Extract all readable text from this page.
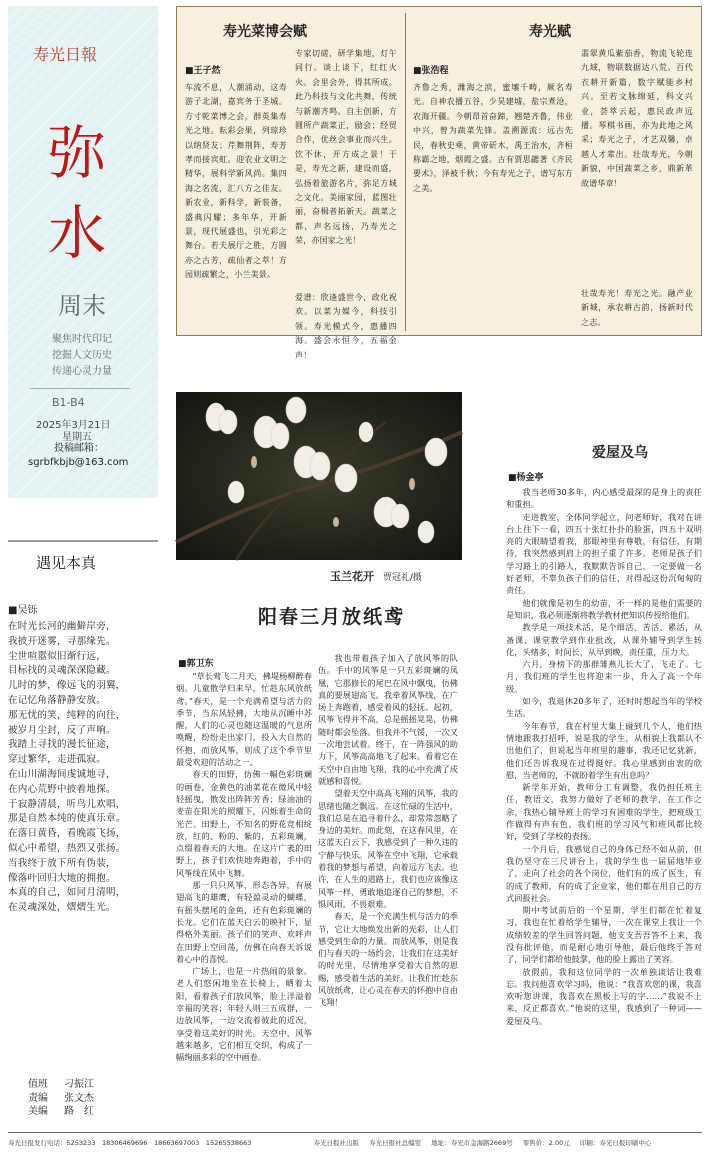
寿光日報
弥
水
周末
聚焦时代印记
挖掘人文历史
传递心灵力量
B1-B4
2025年3月21日
星期五
投稿邮箱：
sgrbfkbjb@163.com
遇见本真
■吴铄
在时光长河的幽僻岸旁，
我披开迷雾，寻那缘先。
尘世喧嚣似旧渐行远，
目标找的灵魂深深隐藏。
儿时的梦，像远飞的羽翼，
在记忆角落静静安放。
那无忧的笑，纯粹的向往，
被岁月尘封，反了声响。
我踏上寻找的漫长征途，
穿过繁华，走进孤寂。
在山川湖海间虔诚地寻，
在内心荒野中披着地探。
于寂静清晨，听鸟儿欢唱，
那是自然本纯的使真乐章。
在落日黄昏，看晚霞飞扬，
似心中希望，热烈又张扬。
当我终于放下所有伪装，
像落叶回归大地的拥抱。
本真的自己，如同月清明，
在灵魂深处，熠熠生光。
值班 刁振江
责编 张文杰
美编 路　红
寿光菜博会赋
■王子然
车流不息，人潮涌动，这寿游子北湖，嘉宾务于圣城。方寸乾菜博之会，群英集寿光之地。耘彩会果，列琼珍以纳贤友；芹舞荆阵，寿芳孝而接宾虹。迎农业文明之精华，展科学新风尚。集四海之名流，汇八方之佳友。新农业，新科学，新装备，盛典闪耀；多年华，开新景，现代展盛也，引光彩之舞台。若夫展厅之胜，方圆亦之古芳，疏仙者之萃！方园则疏繁之，小兰美景。
专家切磋，研学集地，灯午同行。谈上谈下，红红火火。会里会外，得其所成。此乃科技与文化共舞，传统与新潮齐鸣。自主创新，方圆所产蔬菜正，励会；经贸合作，优丝会事业而兴生。饮不休，开方成之景！于是，寿光之新，建设而盛，弘扬着旅游名片，弥足方城之文化。美丽家园，蓝图壮丽，奋楫者拓新天。蔬菜之都，声名远扬，乃寿光之荣，亦国家之光！
爱谱：欣逢盛世今，政化祝欢。以菜为媒今，科技引领。寿光模式今，惠播四海。盛会永恒今，五福金声！
寿光赋
■张浩程
齐鲁之秀，潍海之滨，蜜壤千畴，厥名寿光。自神农播五谷，少昊建墟，盐宗煮沧，农海开疆。今朝昂首奋蹄，翘楚齐鲁，伟业中兴，曾为蔬菜先锋。盖溯源流：远古先民，春秋史乘，黄帝斫木，禹王治水，齐桓称霸之地，烟霞之盛。古有贾思勰著《齐民要术》，泽被千秋；今有寿光之子，谱写东方之美。
翡翠黄瓜紫茄香，物流飞轮连九域，物联数据达八荒。百代衣耕开新篇，数字赋能乡村兴。至若文脉绵延，科文兴业，荟萃云起，惠民政声远播。琴棋书画，亦为此地之风采；寿光之子，才艺双馨，卓越人才辈出。壮哉寿光，今朝新貌，中国蔬菜之乡，鼎新革故谱华章！
壮哉寿光！寿光之光。融产业新城，承农耕古韵，扬新时代之志。
玉兰花开 贾冠礼/摄
阳春三月放纸鸢
■郭卫东

“草长莺飞二月天，拂堤杨柳醉春烟。儿童散学归来早，忙趁东风放纸鸢。”春天，是一个充满希望与活力的季节，当东风轻拂，大地从沉睡中苏醒，人们的心灵也随这温暖的气息所唤醒，纷纷走出家门，投入大自然的怀抱，而放风筝，则成了这个季节里最受欢迎的活动之一。

春天的田野，仿佛一幅色彩斑斓的画卷，金黄色的油菜花在微风中轻轻摇曳，散发出阵阵芳香；绿油油的麦苗在阳光的照耀下，闪烁着生命的光芒。田野上，不知名的野花竞相绽放，红的、粉的、紫的，五彩斑斓，点缀着春天的大地。在这片广袤的田野上，孩子们欢快地奔跑着，手中的风筝线在风中飞舞。

那一只只风筝，形态各异，有展翅高飞的雄鹰，有轻盈灵动的蝴蝶，有摇头摆尾的金鱼，还有色彩斑斓的长龙。它们在蓝天白云的映衬下，显得格外美丽。孩子们的笑声、欢呼声在田野上空回荡，仿佛在向春天诉说着心中的喜悦。

广场上，也是一片热闹的景象。老人们悠闲地坐在长椅上，晒着太阳，看着孩子们放风筝，脸上洋溢着幸福的笑容；年轻人则三五成群，一边放风筝，一边交流着彼此的近况，享受着这美好的时光。天空中，风筝越来越多，它们相互交织，构成了一幅绚丽多彩的空中画卷。

我也带着孩子加入了放风筝的队伍。手中的风筝是一只五彩斑斓的凤凰，它那修长的尾巴在风中飘曳，仿佛真的要展翅高飞。我牵着风筝线，在广场上奔跑着，感受着风的轻抚。起初，风筝飞得并不高，总是摇摇晃晃，仿佛随时都会坠落。但我并不气馁，一次又一次地尝试着。终于，在一阵强风的助力下，风筝高高地飞了起来。看着它在天空中自由地飞翔，我的心中充满了成就感和喜悦。

望着天空中高高飞翔的风筝，我的思绪也随之飘远。在这忙碌的生活中，我们总是在追寻着什么，却常常忽略了身边的美好。而此刻，在这春风里，在这蓝天白云下，我感受到了一种久违的宁静与快乐。风筝在空中飞翔，它承载着我的梦想与希望，向着远方飞去。也许，在人生的道路上，我们也应该像这风筝一样，勇敢地追逐自己的梦想，不惧风雨，不畏艰难。

春天，是一个充满生机与活力的季节，它让大地焕发出新的光彩，让人们感受到生命的力量。而放风筝，则是我们与春天的一场约会，让我们在这美好的时光里，尽情地享受着大自然的恩赐，感受着生活的美好。让我们忙趁东风放纸鸢，让心灵在春天的怀抱中自由飞翔！

爱屋及乌
■杨金亭

我当老师30多年，内心感受最深的是身上的责任和重担。

走进教室，全体同学起立，问老师好，我对在讲台上往下一看，四五十张红扑扑的脸蛋，四五十双明亮的大眼睛望着我，那眼神里有尊敬，有信任，有期待，我突然感到肩上的担子重了许多。老师是孩子们学习路上的引路人，我默默告诉自己，一定要做一名好老师，不辜负孩子们的信任，对得起这份沉甸甸的责任。

他们就像是初生的幼苗，不一样的是他们需要的是知识，我必须逐渐将教学教材把知识传授给他们。

教学是一项技术活，是个细活、苦活、累活，从备课、课堂教学到作业批改，从课外辅导到学生转化，头绪多，时间长，从早到晚，责任重，压力大。

六月，身榜下的那群雏燕儿长大了，飞走了。七月，我们班的学生也将迎来一步，升入了高一个年级。

如今，我退休20多年了，还时时想起当年的学校生活。

今年春节，我在村里大集上碰到几个人，他们热情地跟我打招呼，说是我的学生，从相貌上我都认不出他们了，但说起当年班里的趣事，我还记忆犹新，他们还告诉我现在过得挺好。我心里感到由衷的欣慰，当老师的，不就盼着学生有出息吗？

新学年开始，教师分工有调整，我仍担任班主任，教语文，我努力做好了老师的教学，在工作之余，我热心辅导班上的学习有困难的学生，把班级工作做得有声有色，我们班的学习风气和班风都比较好，受到了学校的表扬。

一个月后，我感觉自己的身体已经不如从前，但我仍坚守在三尺讲台上，我的学生也一届届地毕业了，走向了社会的各个岗位，他们有的成了医生，有的成了教师，有的成了企业家，他们都在用自己的方式回报社会。

期中考试前后的一个星期，学生们都在忙着复习，我也在忙着给学生辅导，一次在课堂上我让一个成绩较差的学生回答问题，他支支吾吾答不上来，我没有批评他，而是耐心地引导他，最后他终于答对了，同学们都给他鼓掌，他的脸上露出了笑容。

放假前，我和这位同学的一次单独谈话让我难忘。我问他喜欢学习吗，他说：“我喜欢您的课，我喜欢听您讲课，我喜欢在黑板上写的字……”我说不上来，反正都喜欢。”他说的这里，我感到了一种词——爱屋及乌。

寿光日报发行电话：5253233　18306469696　18663697003　15265538663	寿光日报社出版 寿光日报社总编室 地址：寿光市金海路2669号 零售价：2.00元 印刷：寿光日报印刷中心
